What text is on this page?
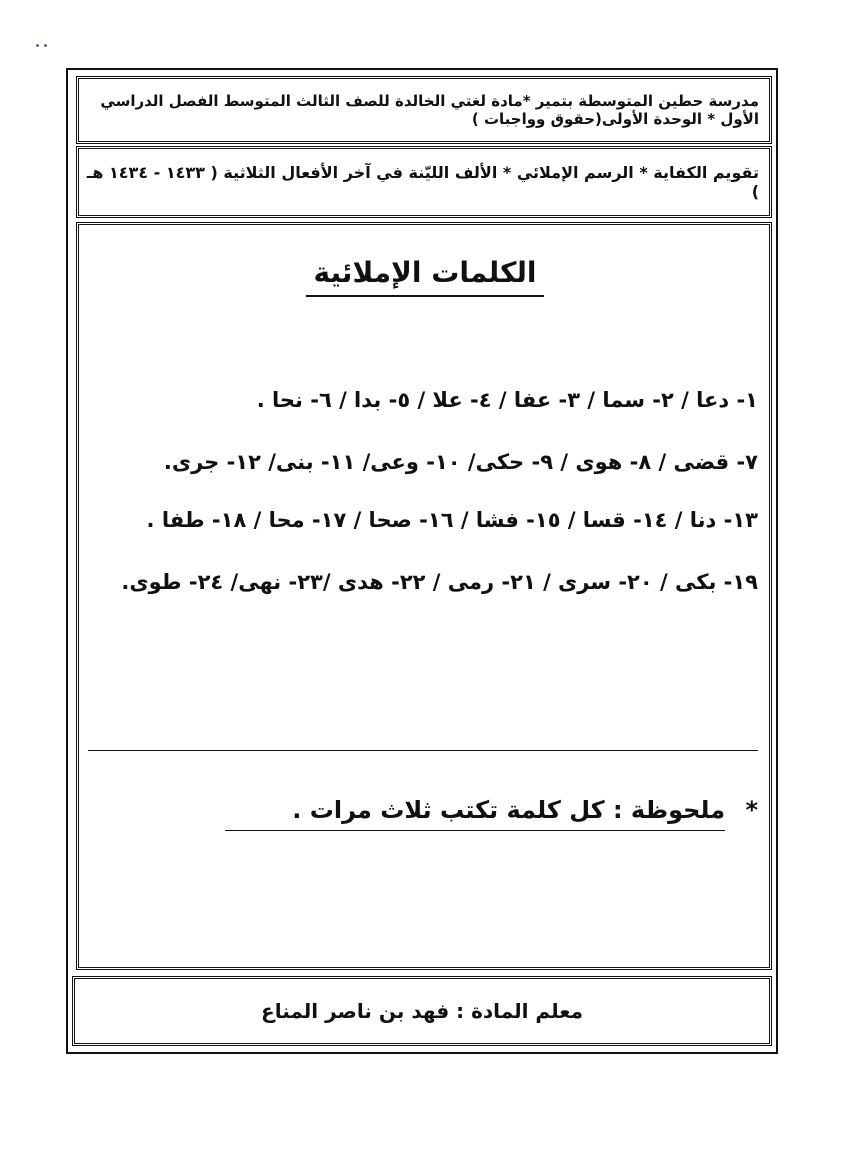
مدرسة حطين المتوسطة بتمير *مادة لغتي الخالدة للصف الثالث المتوسط الفصل الدراسي الأول * الوحدة الأولى(حقوق وواجبات )
تقويم الكفاية * الرسم الإملائي * الألف الليّنة في آخر الأفعال الثلاثية ( ١٤٣٣ - ١٤٣٤ هـ )
الكلمات الإملائية
١- دعا / ٢- سما / ٣- عفا / ٤- علا / ٥- بدا / ٦- نحا .
٧- قضى / ٨- هوى / ٩- حكى/ ١٠- وعى/ ١١- بنى/ ١٢- جرى.
١٣- دنا / ١٤- قسا / ١٥- فشا / ١٦- صحا / ١٧- محا / ١٨- طفا .
١٩- بكى / ٢٠- سرى / ٢١- رمى / ٢٢- هدى /٢٣- نهى/ ٢٤- طوى.
* ملحوظة : كل كلمة تكتب ثلاث مرات .
معلم المادة : فهد بن ناصر المناع
